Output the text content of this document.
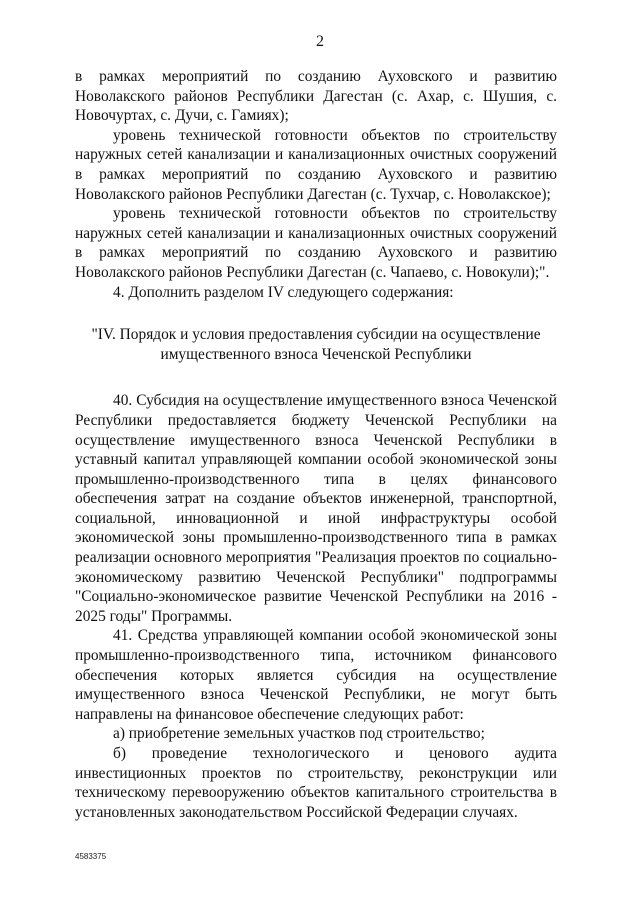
2

в рамках мероприятий по созданию Ауховского и развитию Новолакского районов Республики Дагестан (с. Ахар, с. Шушия, с. Новочуртах, с. Дучи, с. Гамиях);

уровень технической готовности объектов по строительству наружных сетей канализации и канализационных очистных сооружений в рамках мероприятий по созданию Ауховского и развитию Новолакского районов Республики Дагестан (с. Тухчар, с. Новолакское);

уровень технической готовности объектов по строительству наружных сетей канализации и канализационных очистных сооружений в рамках мероприятий по созданию Ауховского и развитию Новолакского районов Республики Дагестан (с. Чапаево, с. Новокули);".

4. Дополнить разделом IV следующего содержания:

"IV. Порядок и условия предоставления субсидии на осуществление

имущественного взноса Чеченской Республики

40. Субсидия на осуществление имущественного взноса Чеченской Республики предоставляется бюджету Чеченской Республики на осуществление имущественного взноса Чеченской Республики в уставный капитал управляющей компании особой экономической зоны промышленно-производственного типа в целях финансового обеспечения затрат на создание объектов инженерной, транспортной, социальной, инновационной и иной инфраструктуры особой экономической зоны промышленно-производственного типа в рамках реализации основного мероприятия "Реализация проектов по социально-экономическому развитию Чеченской Республики" подпрограммы "Социально-экономическое развитие Чеченской Республики на 2016 - 2025 годы" Программы.

41. Средства управляющей компании особой экономической зоны промышленно-производственного типа, источником финансового обеспечения которых является субсидия на осуществление имущественного взноса Чеченской Республики, не могут быть направлены на финансовое обеспечение следующих работ:

а) приобретение земельных участков под строительство;

б) проведение технологического и ценового аудита инвестиционных проектов по строительству, реконструкции или техническому перевооружению объектов капитального строительства в установленных законодательством Российской Федерации случаях.

4583375
